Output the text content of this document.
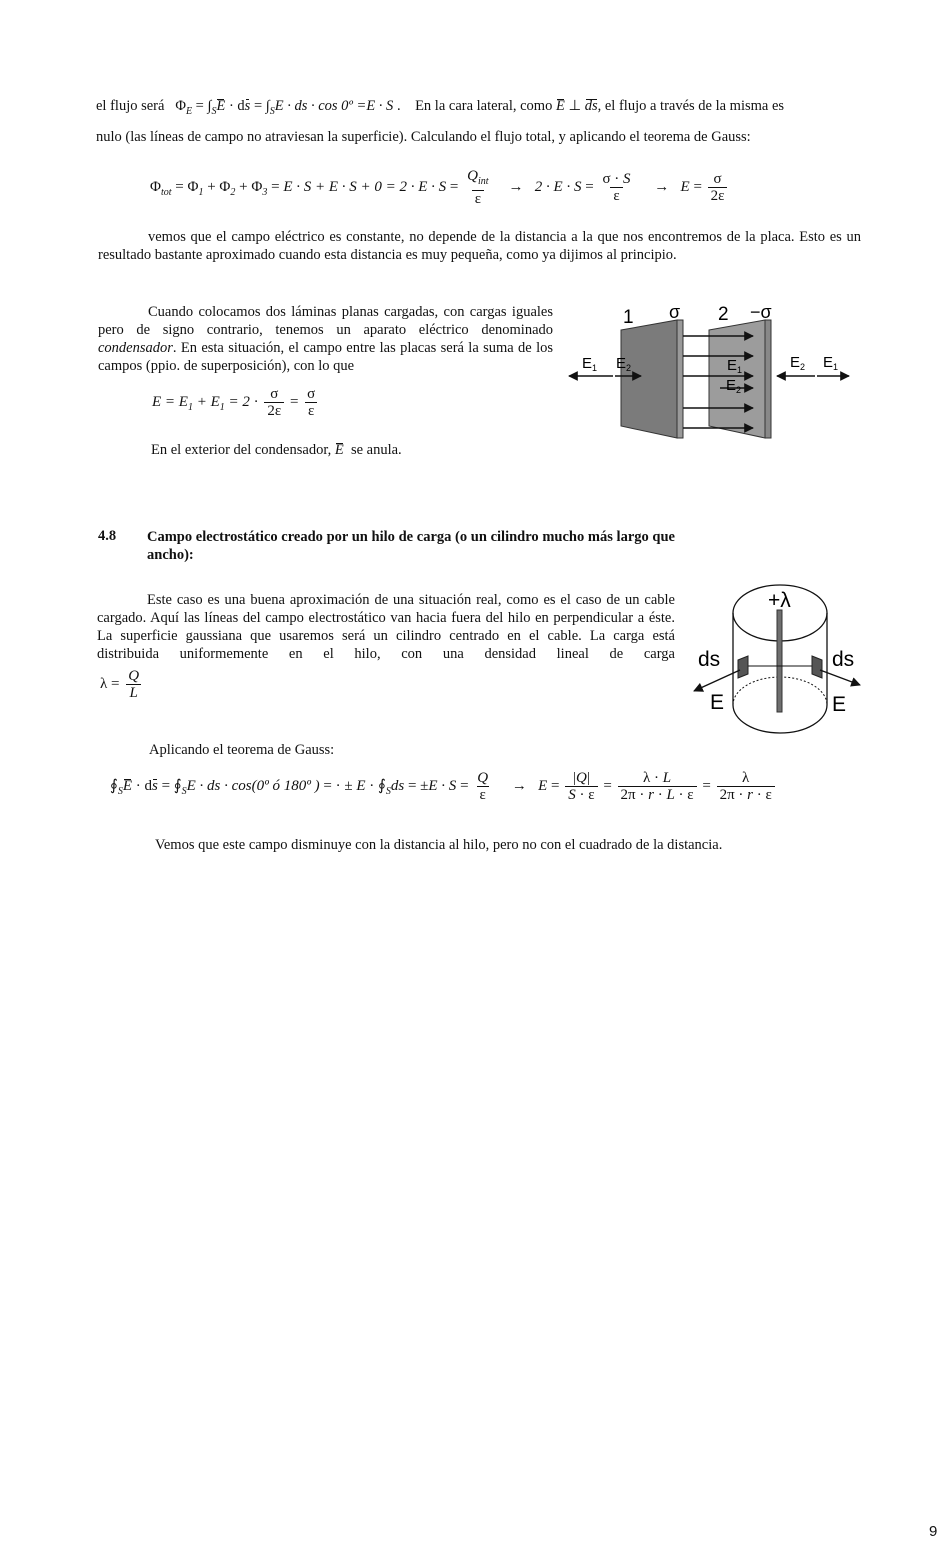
el flujo será $\Phi_E = \int_SE$ · ds = $\int_SE$ · ds · cos 0º =E · S . En la cara lateral, como E ⊥ ds, el flujo a través de la misma es
nulo (las líneas de campo no atraviesan la superficie). Calculando el flujo total, y aplicando el teorema de Gauss:
$\Phi_{tot} = \Phi_1 + \Phi_2 + \Phi_3 = E \cdot S + E \cdot S + 0 = 2 \cdot E \cdot S = \frac{Q_{int}}{\varepsilon} \to 2 \cdot E \cdot S = \frac{\sigma \cdot S}{\varepsilon} \to E = \frac{\sigma}{2\varepsilon}$
vemos que el campo eléctrico es constante, no depende de la distancia a la que nos encontremos de la placa. Esto es un resultado bastante aproximado cuando esta distancia es muy pequeña, como ya dijimos al principio.
Cuando colocamos dos láminas planas cargadas, con cargas iguales pero de signo contrario, tenemos un aparato eléctrico denominado condensador. En esta situación, el campo entre las placas será la suma de los campos (ppio. de superposición), con lo que
$E = E_1 + E_1 = 2 \cdot \frac{\sigma}{2\varepsilon} = \frac{\sigma}{\varepsilon}$
En el exterior del condensador, E se anula.
1 σ 2 −σ
$E_1$ $E_2$	$E_1$
$E_2$
$E_2$ $E_1$
4.8 Campo electrostático creado por un hilo de carga (o un cilindro mucho más largo que ancho):
Este caso es una buena aproximación de una situación real, como es el caso de un cable cargado. Aquí las líneas del campo electrostático van hacia fuera del hilo en perpendicular a éste. La superficie gaussiana que usaremos será un cilindro centrado en el cable. La carga está distribuida uniformemente en el hilo, con una densidad lineal de carga
$\lambda = \frac{Q}{L}$
+λ
ds	ds
E	E
Aplicando el teorema de Gauss:
$∮_SE$ · ds = $∮_SE$ · ds · cos(0º ó 180º ) = · ± $E \cdot ∮_Sds = \pm E \cdot S = \frac{Q}{\varepsilon} \to E = \frac{|Q|}{S \cdot \varepsilon} = \frac{\lambda \cdot L}{2\pi \cdot r \cdot L \cdot \varepsilon} = \frac{\lambda}{2\pi \cdot r \cdot \varepsilon}$
Vemos que este campo disminuye con la distancia al hilo, pero no con el cuadrado de la distancia.
9
